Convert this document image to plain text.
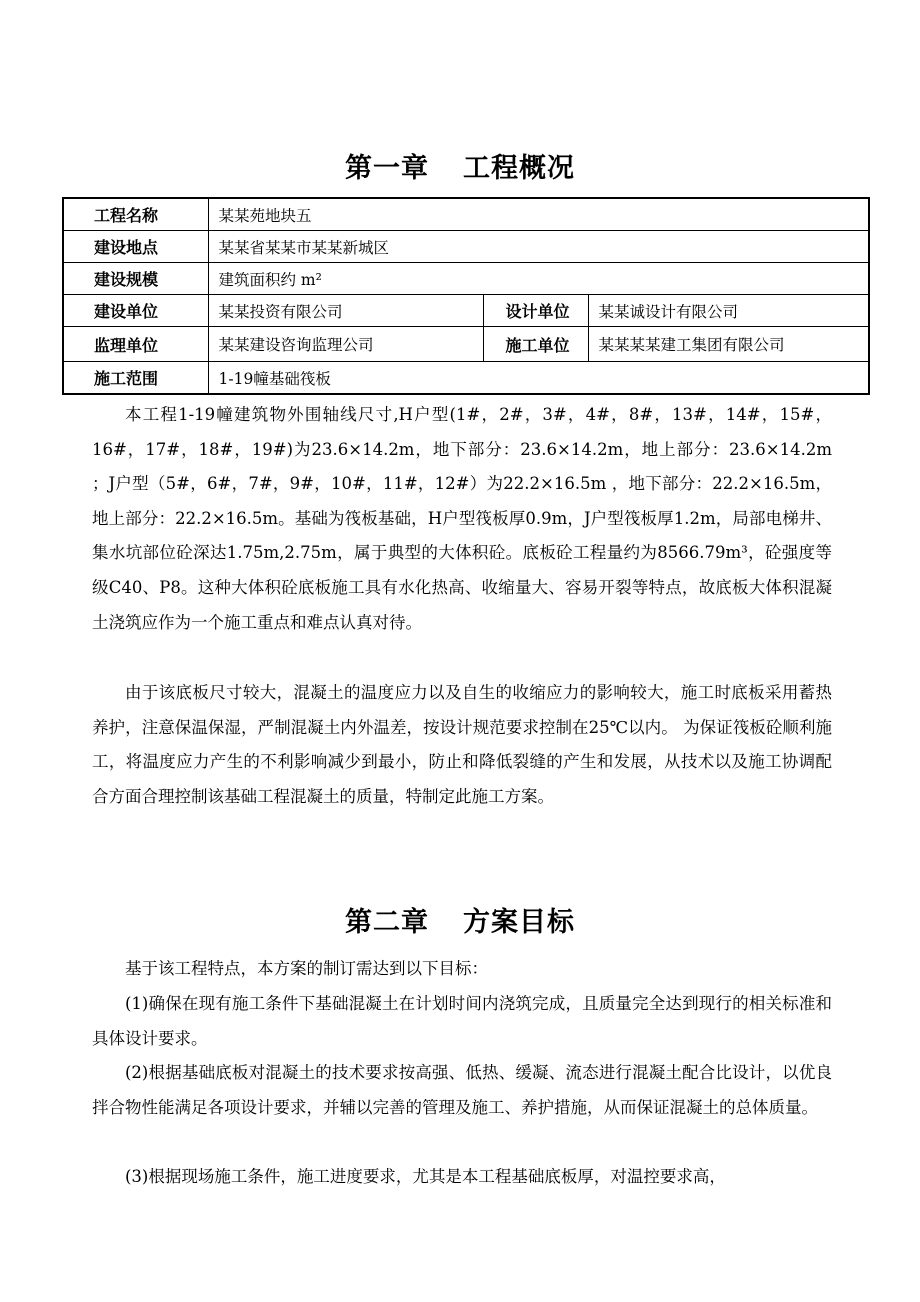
第一章 工程概况
工程名称	某某苑地块五		
建设地点	某某省某某市某某新城区		
建设规模	建筑面积约 m²		
建设单位	某某投资有限公司	设计单位	某某诚设计有限公司
监理单位	某某建设咨询监理公司	施工单位	某某某某建工集团有限公司
施工范围	1-19幢基础筏板		

本工程1-19幢建筑物外围轴线尺寸,H户型(1#，2#，3#，4#，8#，13#，14#，15#，16#，17#，18#，19#)为23.6×14.2m，地下部分：23.6×14.2m，地上部分：23.6×14.2m ；J户型（5#，6#，7#，9#，10#，11#，12#）为22.2×16.5m ，地下部分：22.2×16.5m，地上部分：22.2×16.5m。基础为筏板基础，H户型筏板厚0.9m，J户型筏板厚1.2m，局部电梯井、集水坑部位砼深达1.75m,2.75m，属于典型的大体积砼。底板砼工程量约为8566.79m³，砼强度等级C40、P8。这种大体积砼底板施工具有水化热高、收缩量大、容易开裂等特点，故底板大体积混凝土浇筑应作为一个施工重点和难点认真对待。

由于该底板尺寸较大，混凝土的温度应力以及自生的收缩应力的影响较大，施工时底板采用蓄热养护，注意保温保湿，严制混凝土内外温差，按设计规范要求控制在25℃以内。 为保证筏板砼顺利施工，将温度应力产生的不利影响减少到最小，防止和降低裂缝的产生和发展，从技术以及施工协调配合方面合理控制该基础工程混凝土的质量，特制定此施工方案。

第二章 方案目标

基于该工程特点，本方案的制订需达到以下目标：

(1)确保在现有施工条件下基础混凝土在计划时间内浇筑完成，且质量完全达到现行的相关标准和具体设计要求。

(2)根据基础底板对混凝土的技术要求按高强、低热、缓凝、流态进行混凝土配合比设计，以优良拌合物性能满足各项设计要求，并辅以完善的管理及施工、养护措施，从而保证混凝土的总体质量。

(3)根据现场施工条件，施工进度要求，尤其是本工程基础底板厚，对温控要求高，
